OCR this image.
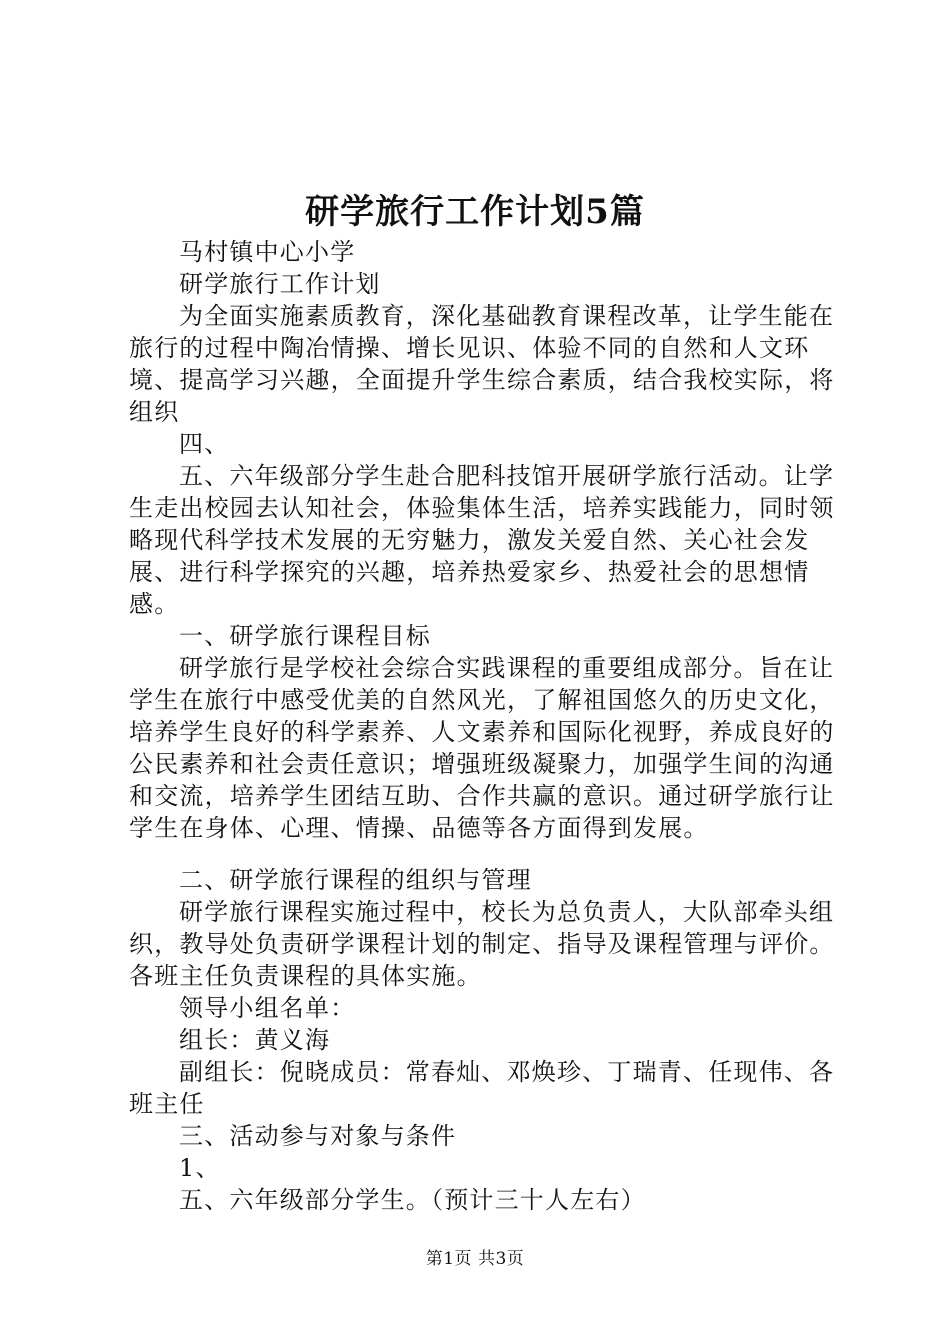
研学旅行工作计划5篇

马村镇中心小学

研学旅行工作计划

为全面实施素质教育，深化基础教育课程改革，让学生能在旅行的过程中陶冶情操、增长见识、体验不同的自然和人文环境、提高学习兴趣，全面提升学生综合素质，结合我校实际，将组织

四、

五、六年级部分学生赴合肥科技馆开展研学旅行活动。让学生走出校园去认知社会，体验集体生活，培养实践能力，同时领略现代科学技术发展的无穷魅力，激发关爱自然、关心社会发展、进行科学探究的兴趣，培养热爱家乡、热爱社会的思想情感。

一、研学旅行课程目标

研学旅行是学校社会综合实践课程的重要组成部分。旨在让学生在旅行中感受优美的自然风光，了解祖国悠久的历史文化，培养学生良好的科学素养、人文素养和国际化视野，养成良好的公民素养和社会责任意识；增强班级凝聚力，加强学生间的沟通和交流，培养学生团结互助、合作共赢的意识。通过研学旅行让学生在身体、心理、情操、品德等各方面得到发展。

二、研学旅行课程的组织与管理

研学旅行课程实施过程中，校长为总负责人，大队部牵头组织，教导处负责研学课程计划的制定、指导及课程管理与评价。各班主任负责课程的具体实施。

领导小组名单：

组长：黄义海

副组长：倪晓成员：常春灿、邓焕珍、丁瑞青、任现伟、各班主任

三、活动参与对象与条件

1、

五、六年级部分学生。（预计三十人左右）

第1页 共3页
